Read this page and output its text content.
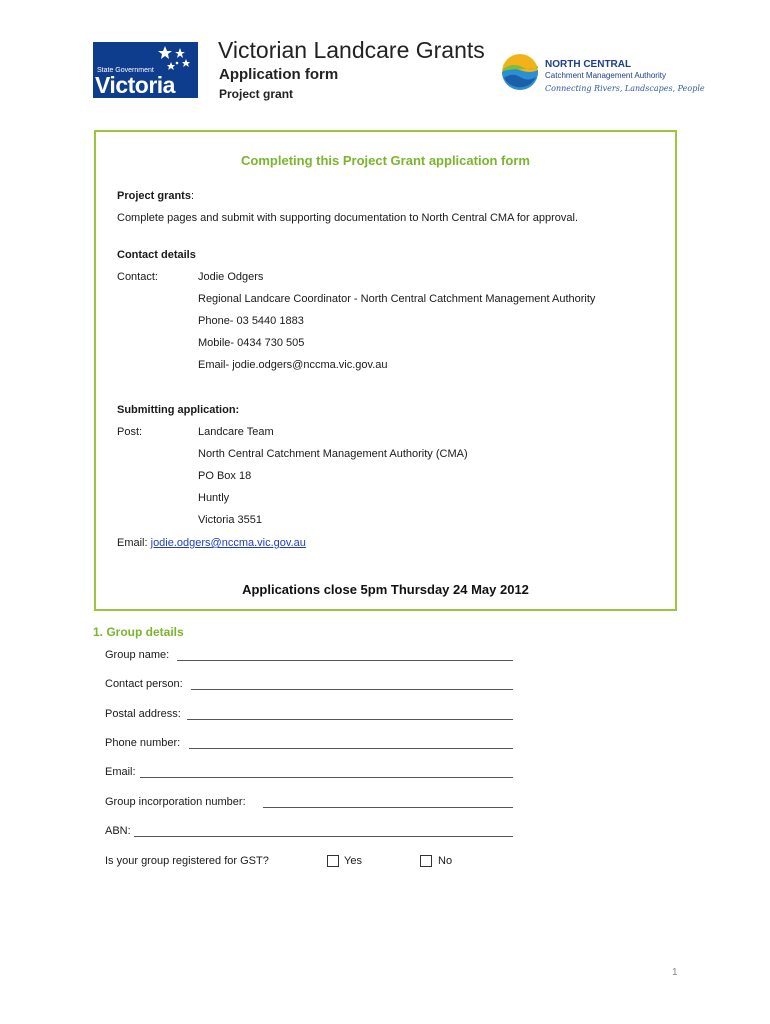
State Government
Victoria
Victorian Landcare Grants
Application form
Project grant
NORTH CENTRAL
Catchment Management Authority
Connecting Rivers, Landscapes, People
Completing this Project Grant application form
Project grants:
Complete pages and submit with supporting documentation to North Central CMA for approval.
Contact details
Contact:	Jodie Odgers
Regional Landcare Coordinator - North Central Catchment Management Authority
Phone- 03 5440 1883
Mobile- 0434 730 505
Email- jodie.odgers@nccma.vic.gov.au
Submitting application:
Post:	Landcare Team
North Central Catchment Management Authority (CMA)
PO Box 18
Huntly
Victoria 3551
Email: jodie.odgers@nccma.vic.gov.au
Applications close 5pm Thursday 24 May 2012
1. Group details
Group name:
Contact person:
Postal address:
Phone number:
Email:
Group incorporation number:
ABN:
Is your group registered for GST?	Yes	No
1
